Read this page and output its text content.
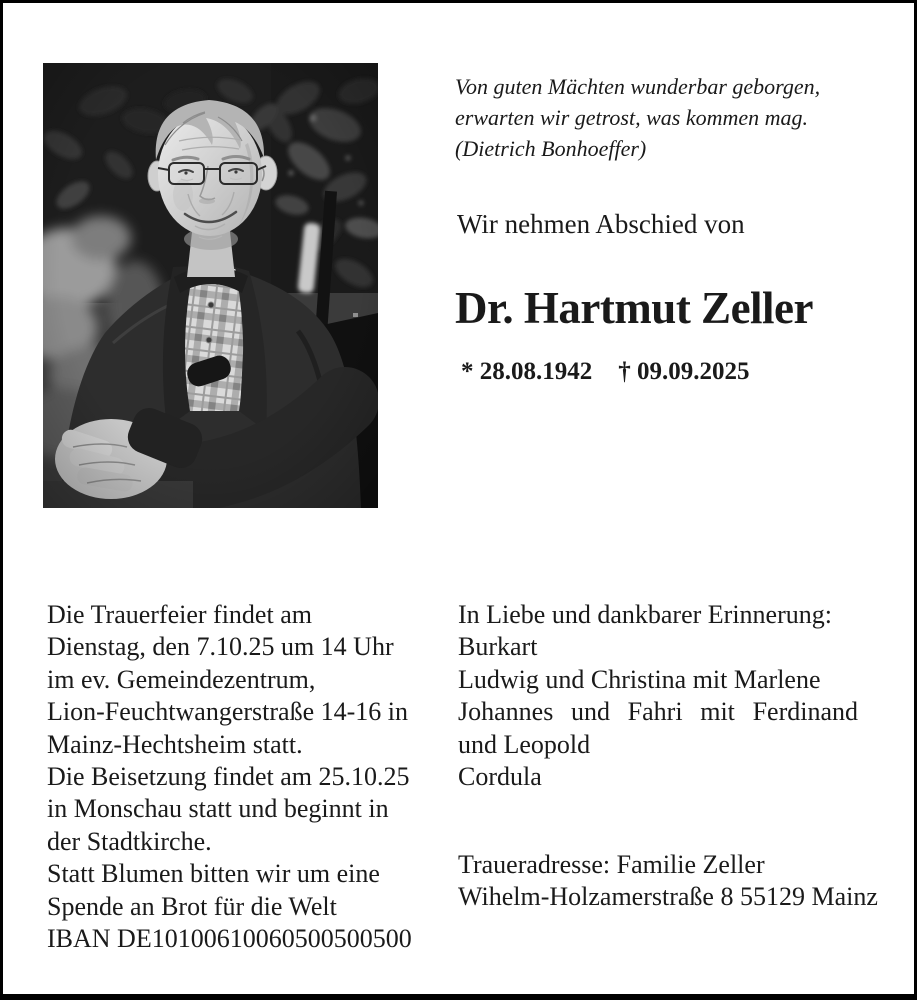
Von guten Mächten wunderbar geborgen,
erwarten wir getrost, was kommen mag.
(Dietrich Bonhoeffer)
Wir nehmen Abschied von
Dr. Hartmut Zeller
* 28.08.1942 † 09.09.2025
Die Trauerfeier findet am
Dienstag, den 7.10.25 um 14 Uhr
im ev. Gemeindezentrum,
Lion-Feuchtwangerstraße 14-16 in
Mainz-Hechtsheim statt.
Die Beisetzung findet am 25.10.25
in Monschau statt und beginnt in
der Stadtkirche.
Statt Blumen bitten wir um eine
Spende an Brot für die Welt
IBAN DE10100610060500500500
In Liebe und dankbarer Erinnerung:
Burkart
Ludwig und Christina mit Marlene
Johannes und Fahri mit Ferdinand
und Leopold
Cordula
Traueradresse: Familie Zeller
Wihelm-Holzamerstraße 8 55129 Mainz
